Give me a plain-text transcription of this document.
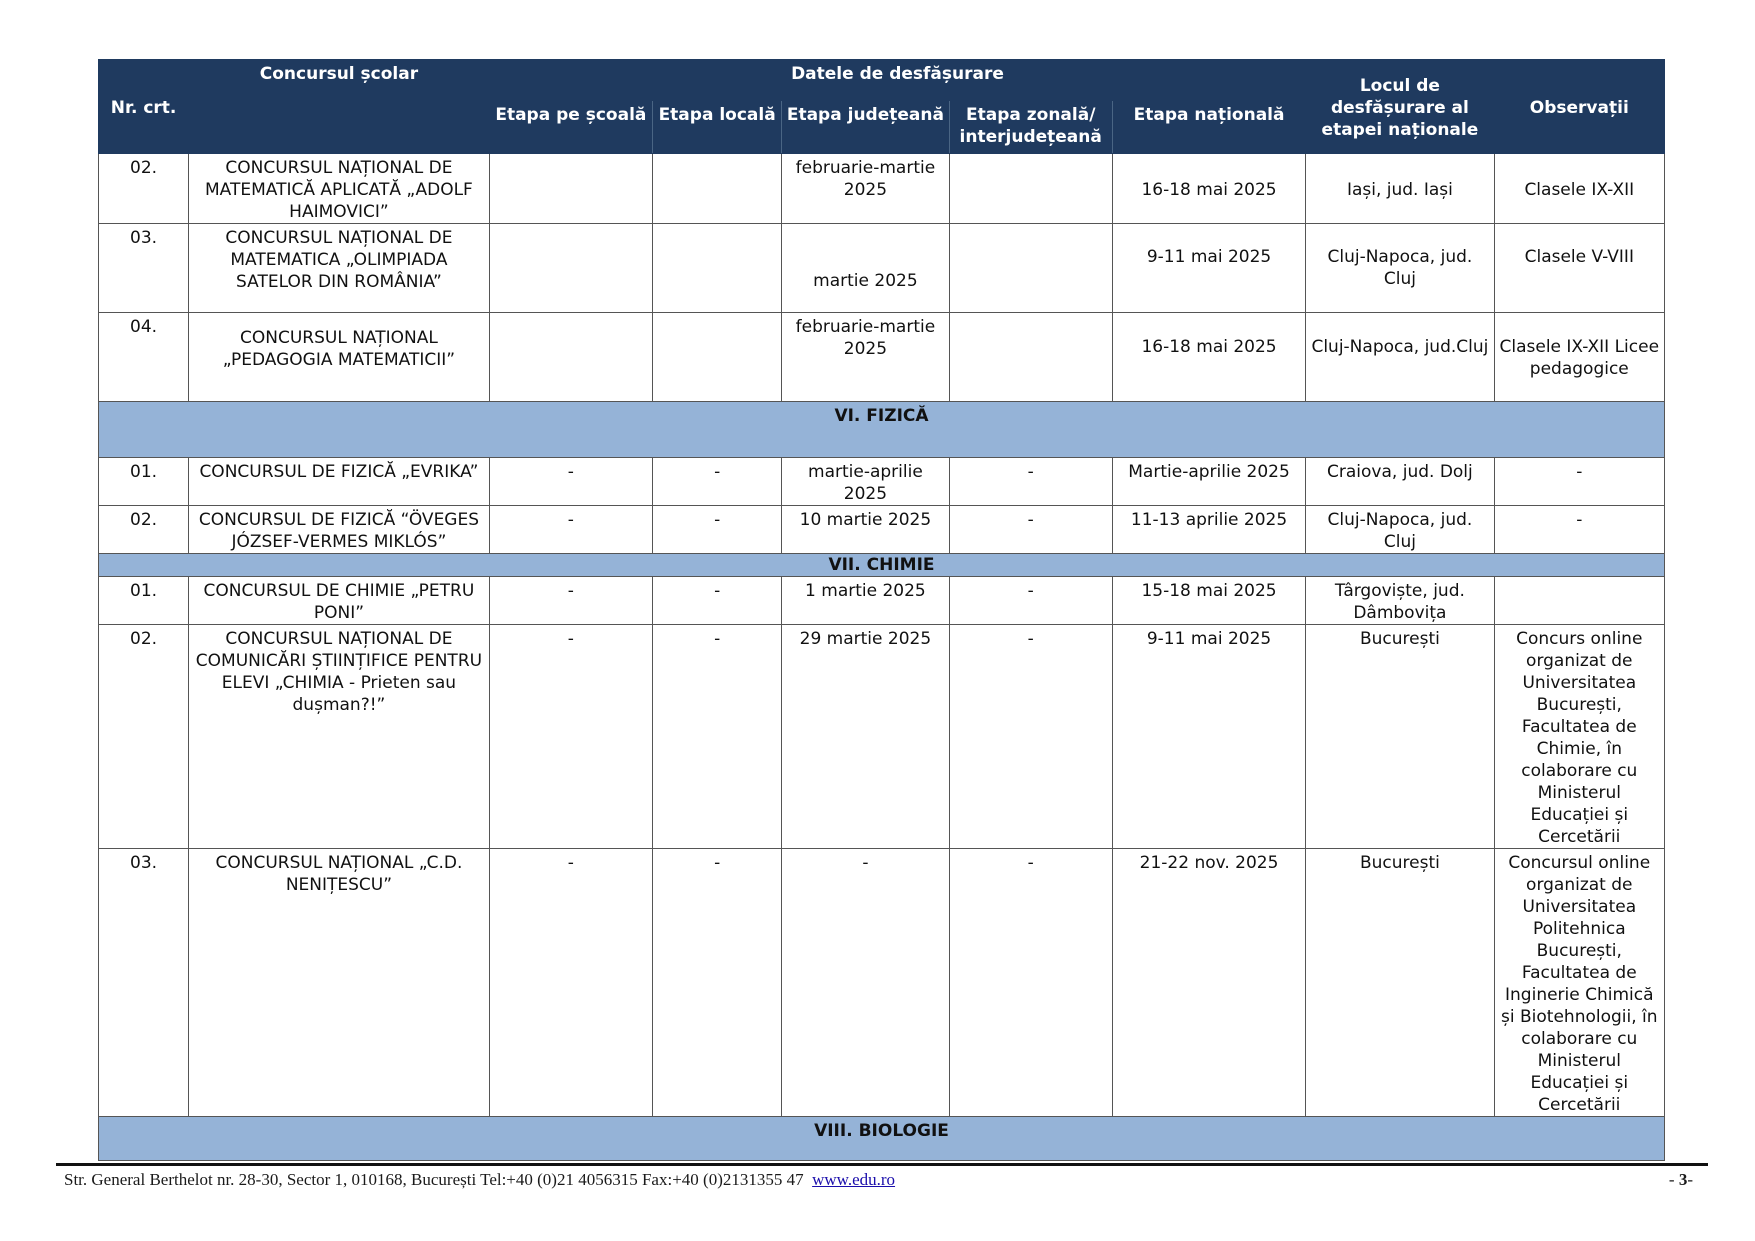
Nr. crt.	Concursul școlar	Datele de desfășurare					Locul de desfășurare al etapei naționale	Observații
		Etapa pe școală	Etapa locală	Etapa județeană	Etapa zonală/ interjudețeană	Etapa națională		
02.	CONCURSUL NAȚIONAL DE MATEMATICĂ APLICATĂ „ADOLF HAIMOVICI”			februarie-martie 2025		16-18 mai 2025	Iași, jud. Iași	Clasele IX-XII
03.	CONCURSUL NAȚIONAL DE MATEMATICA „OLIMPIADA SATELOR DIN ROMÂNIA”			martie 2025		9-11 mai 2025	Cluj-Napoca, jud. Cluj	Clasele V-VIII
04.	CONCURSUL NAȚIONAL „PEDAGOGIA MATEMATICII”			februarie-martie 2025		16-18 mai 2025	Cluj-Napoca, jud.Cluj	Clasele IX-XII Licee pedagogice
VI. FIZICĂ								
01.	CONCURSUL DE FIZICĂ „EVRIKA”	-	-	martie-aprilie 2025	-	Martie-aprilie 2025	Craiova, jud. Dolj	-
02.	CONCURSUL DE FIZICĂ “ÖVEGES JÓZSEF-VERMES MIKLÓS”	-	-	10 martie 2025	-	11-13 aprilie 2025	Cluj-Napoca, jud. Cluj	-
VII. CHIMIE								
01.	CONCURSUL DE CHIMIE „PETRU PONI”	-	-	1 martie 2025	-	15-18 mai 2025	Târgoviște, jud. Dâmbovița	
02.	CONCURSUL NAȚIONAL DE COMUNICĂRI ȘTIINȚIFICE PENTRU ELEVI „CHIMIA - Prieten sau dușman?!”	-	-	29 martie 2025	-	9-11 mai 2025	București	Concurs online organizat de Universitatea București, Facultatea de Chimie, în colaborare cu Ministerul Educației și Cercetării
03.	CONCURSUL NAȚIONAL „C.D. NENIȚESCU”	-	-	-	-	21-22 nov. 2025	București	Concursul online organizat de Universitatea Politehnica București, Facultatea de Inginerie Chimică și Biotehnologii, în colaborare cu Ministerul Educației și Cercetării
VIII. BIOLOGIE								
Str. General Berthelot nr. 28-30, Sector 1, 010168, București Tel:+40 (0)21 4056315 Fax:+40 (0)2131355 47 www.edu.ro	- 3-
